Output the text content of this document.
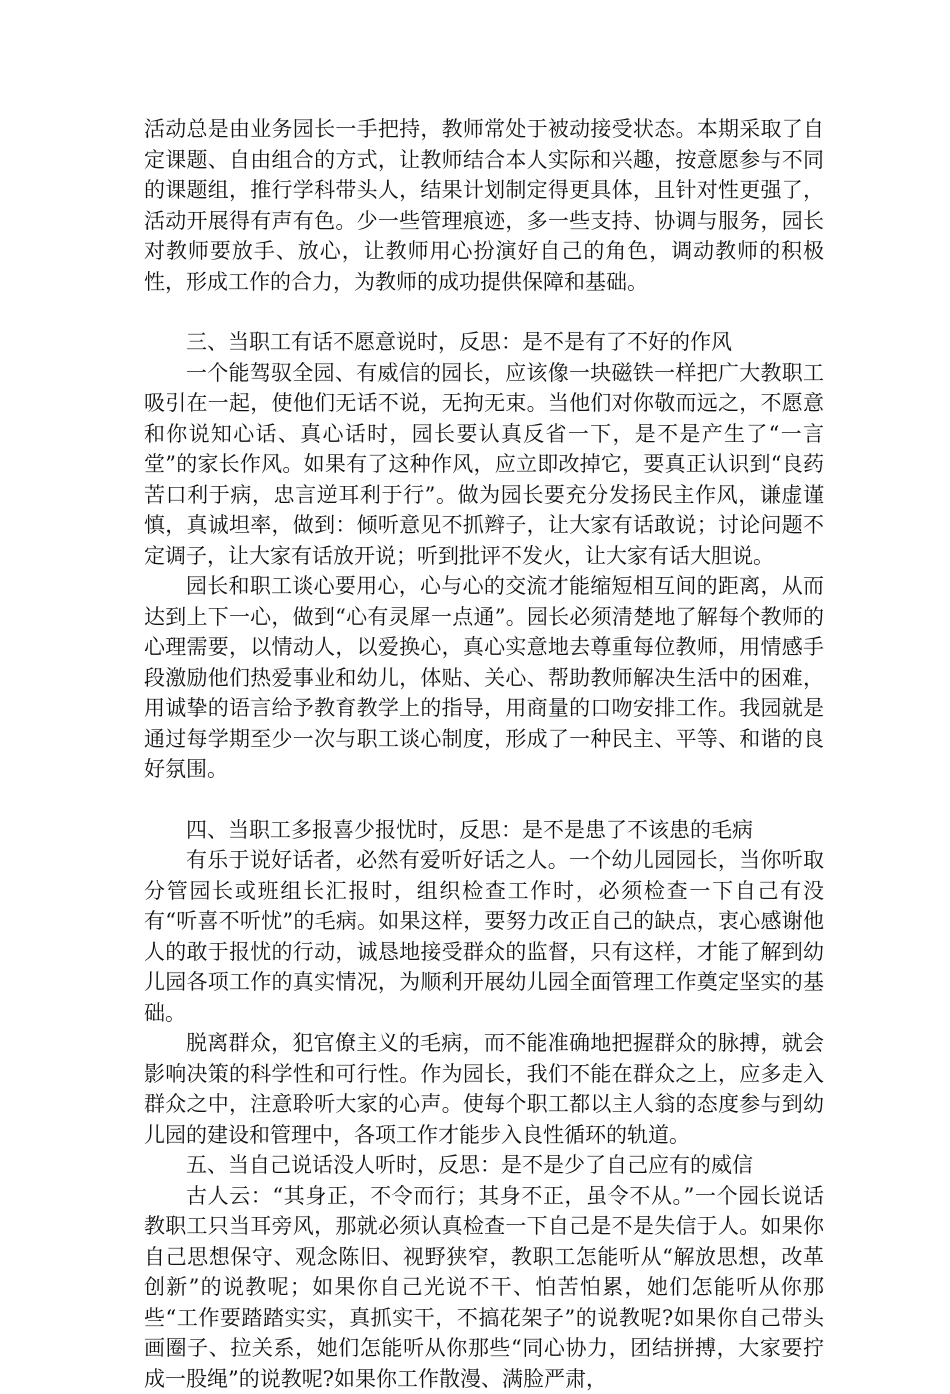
活动总是由业务园长一手把持，教师常处于被动接受状态。本期采取了自定课题、自由组合的方式，让教师结合本人实际和兴趣，按意愿参与不同的课题组，推行学科带头人，结果计划制定得更具体，且针对性更强了，活动开展得有声有色。少一些管理痕迹，多一些支持、协调与服务，园长对教师要放手、放心，让教师用心扮演好自己的角色，调动教师的积极性，形成工作的合力，为教师的成功提供保障和基础。

三、当职工有话不愿意说时，反思：是不是有了不好的作风

一个能驾驭全园、有威信的园长，应该像一块磁铁一样把广大教职工吸引在一起，使他们无话不说，无拘无束。当他们对你敬而远之，不愿意和你说知心话、真心话时，园长要认真反省一下，是不是产生了“一言堂”的家长作风。如果有了这种作风，应立即改掉它，要真正认识到“良药苦口利于病，忠言逆耳利于行”。做为园长要充分发扬民主作风，谦虚谨慎，真诚坦率，做到：倾听意见不抓辫子，让大家有话敢说；讨论问题不定调子，让大家有话放开说；听到批评不发火，让大家有话大胆说。

园长和职工谈心要用心，心与心的交流才能缩短相互间的距离，从而达到上下一心，做到“心有灵犀一点通”。园长必须清楚地了解每个教师的心理需要，以情动人，以爱换心，真心实意地去尊重每位教师，用情感手段激励他们热爱事业和幼儿，体贴、关心、帮助教师解决生活中的困难，用诚挚的语言给予教育教学上的指导，用商量的口吻安排工作。我园就是通过每学期至少一次与职工谈心制度，形成了一种民主、平等、和谐的良好氛围。

四、当职工多报喜少报忧时，反思：是不是患了不该患的毛病

有乐于说好话者，必然有爱听好话之人。一个幼儿园园长，当你听取分管园长或班组长汇报时，组织检查工作时，必须检查一下自己有没有“听喜不听忧”的毛病。如果这样，要努力改正自己的缺点，衷心感谢他人的敢于报忧的行动，诚恳地接受群众的监督，只有这样，才能了解到幼儿园各项工作的真实情况，为顺利开展幼儿园全面管理工作奠定坚实的基础。

脱离群众，犯官僚主义的毛病，而不能准确地把握群众的脉搏，就会影响决策的科学性和可行性。作为园长，我们不能在群众之上，应多走入群众之中，注意聆听大家的心声。使每个职工都以主人翁的态度参与到幼儿园的建设和管理中，各项工作才能步入良性循环的轨道。

五、当自己说话没人听时，反思：是不是少了自己应有的威信

古人云：“其身正，不令而行；其身不正，虽令不从。”一个园长说话教职工只当耳旁风，那就必须认真检查一下自己是不是失信于人。如果你自己思想保守、观念陈旧、视野狭窄，教职工怎能听从“解放思想，改革创新”的说教呢；如果你自己光说不干、怕苦怕累，她们怎能听从你那些“工作要踏踏实实，真抓实干，不搞花架子”的说教呢?如果你自己带头画圈子、拉关系，她们怎能听从你那些“同心协力，团结拼搏，大家要拧成一股绳”的说教呢?如果你工作散漫、满脸严肃，
